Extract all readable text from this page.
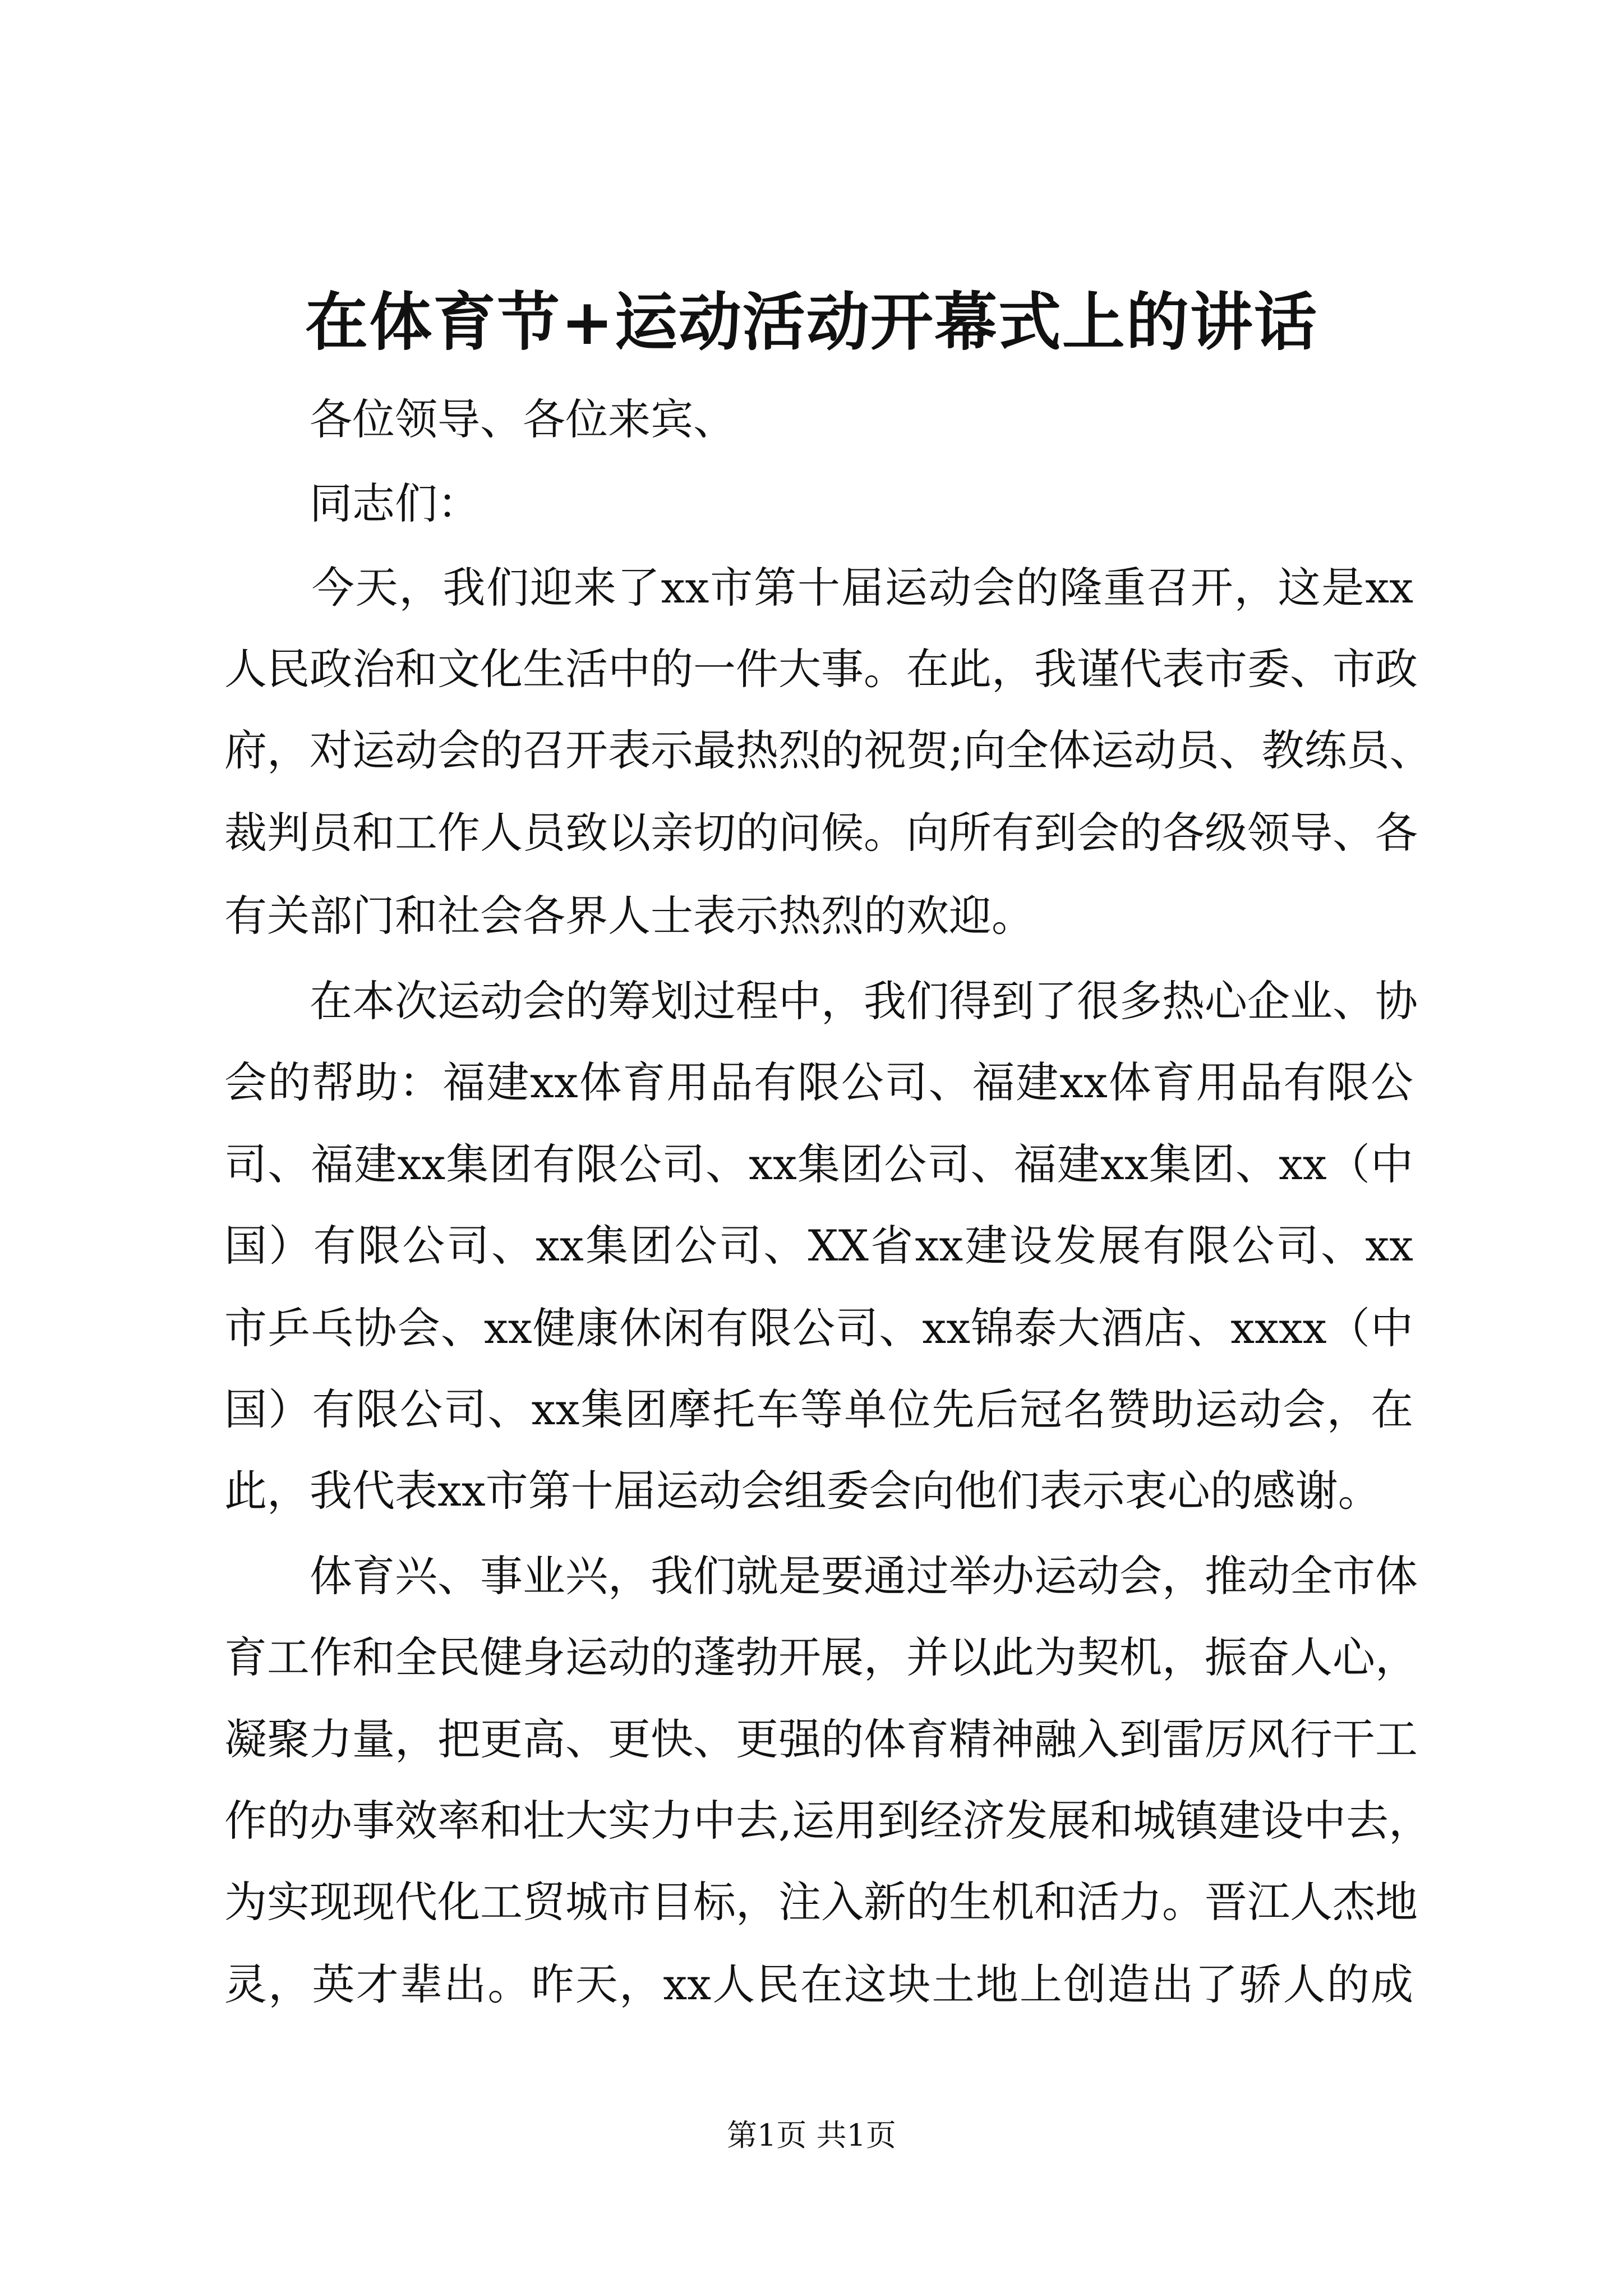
在体育节+运动活动开幕式上的讲话
　　各位领导、各位来宾、
　　同志们：
　　今天，我们迎来了xx市第十届运动会的隆重召开，这是xx
人民政治和文化生活中的一件大事。在此，我谨代表市委、市政
府，对运动会的召开表示最热烈的祝贺;向全体运动员、教练员、
裁判员和工作人员致以亲切的问候。向所有到会的各级领导、各
有关部门和社会各界人士表示热烈的欢迎。
　　在本次运动会的筹划过程中，我们得到了很多热心企业、协
会的帮助：福建xx体育用品有限公司、福建xx体育用品有限公
司、福建xx集团有限公司、xx集团公司、福建xx集团、xx（中
国）有限公司、xx集团公司、XX省xx建设发展有限公司、xx
市乒乓协会、xx健康休闲有限公司、xx锦泰大酒店、xxxx（中
国）有限公司、xx集团摩托车等单位先后冠名赞助运动会，在
此，我代表xx市第十届运动会组委会向他们表示衷心的感谢。
　　体育兴、事业兴，我们就是要通过举办运动会，推动全市体
育工作和全民健身运动的蓬勃开展，并以此为契机，振奋人心，
凝聚力量，把更高、更快、更强的体育精神融入到雷厉风行干工
作的办事效率和壮大实力中去,运用到经济发展和城镇建设中去，
为实现现代化工贸城市目标，注入新的生机和活力。晋江人杰地
灵，英才辈出。昨天，xx人民在这块土地上创造出了骄人的成
第1页 共1页
